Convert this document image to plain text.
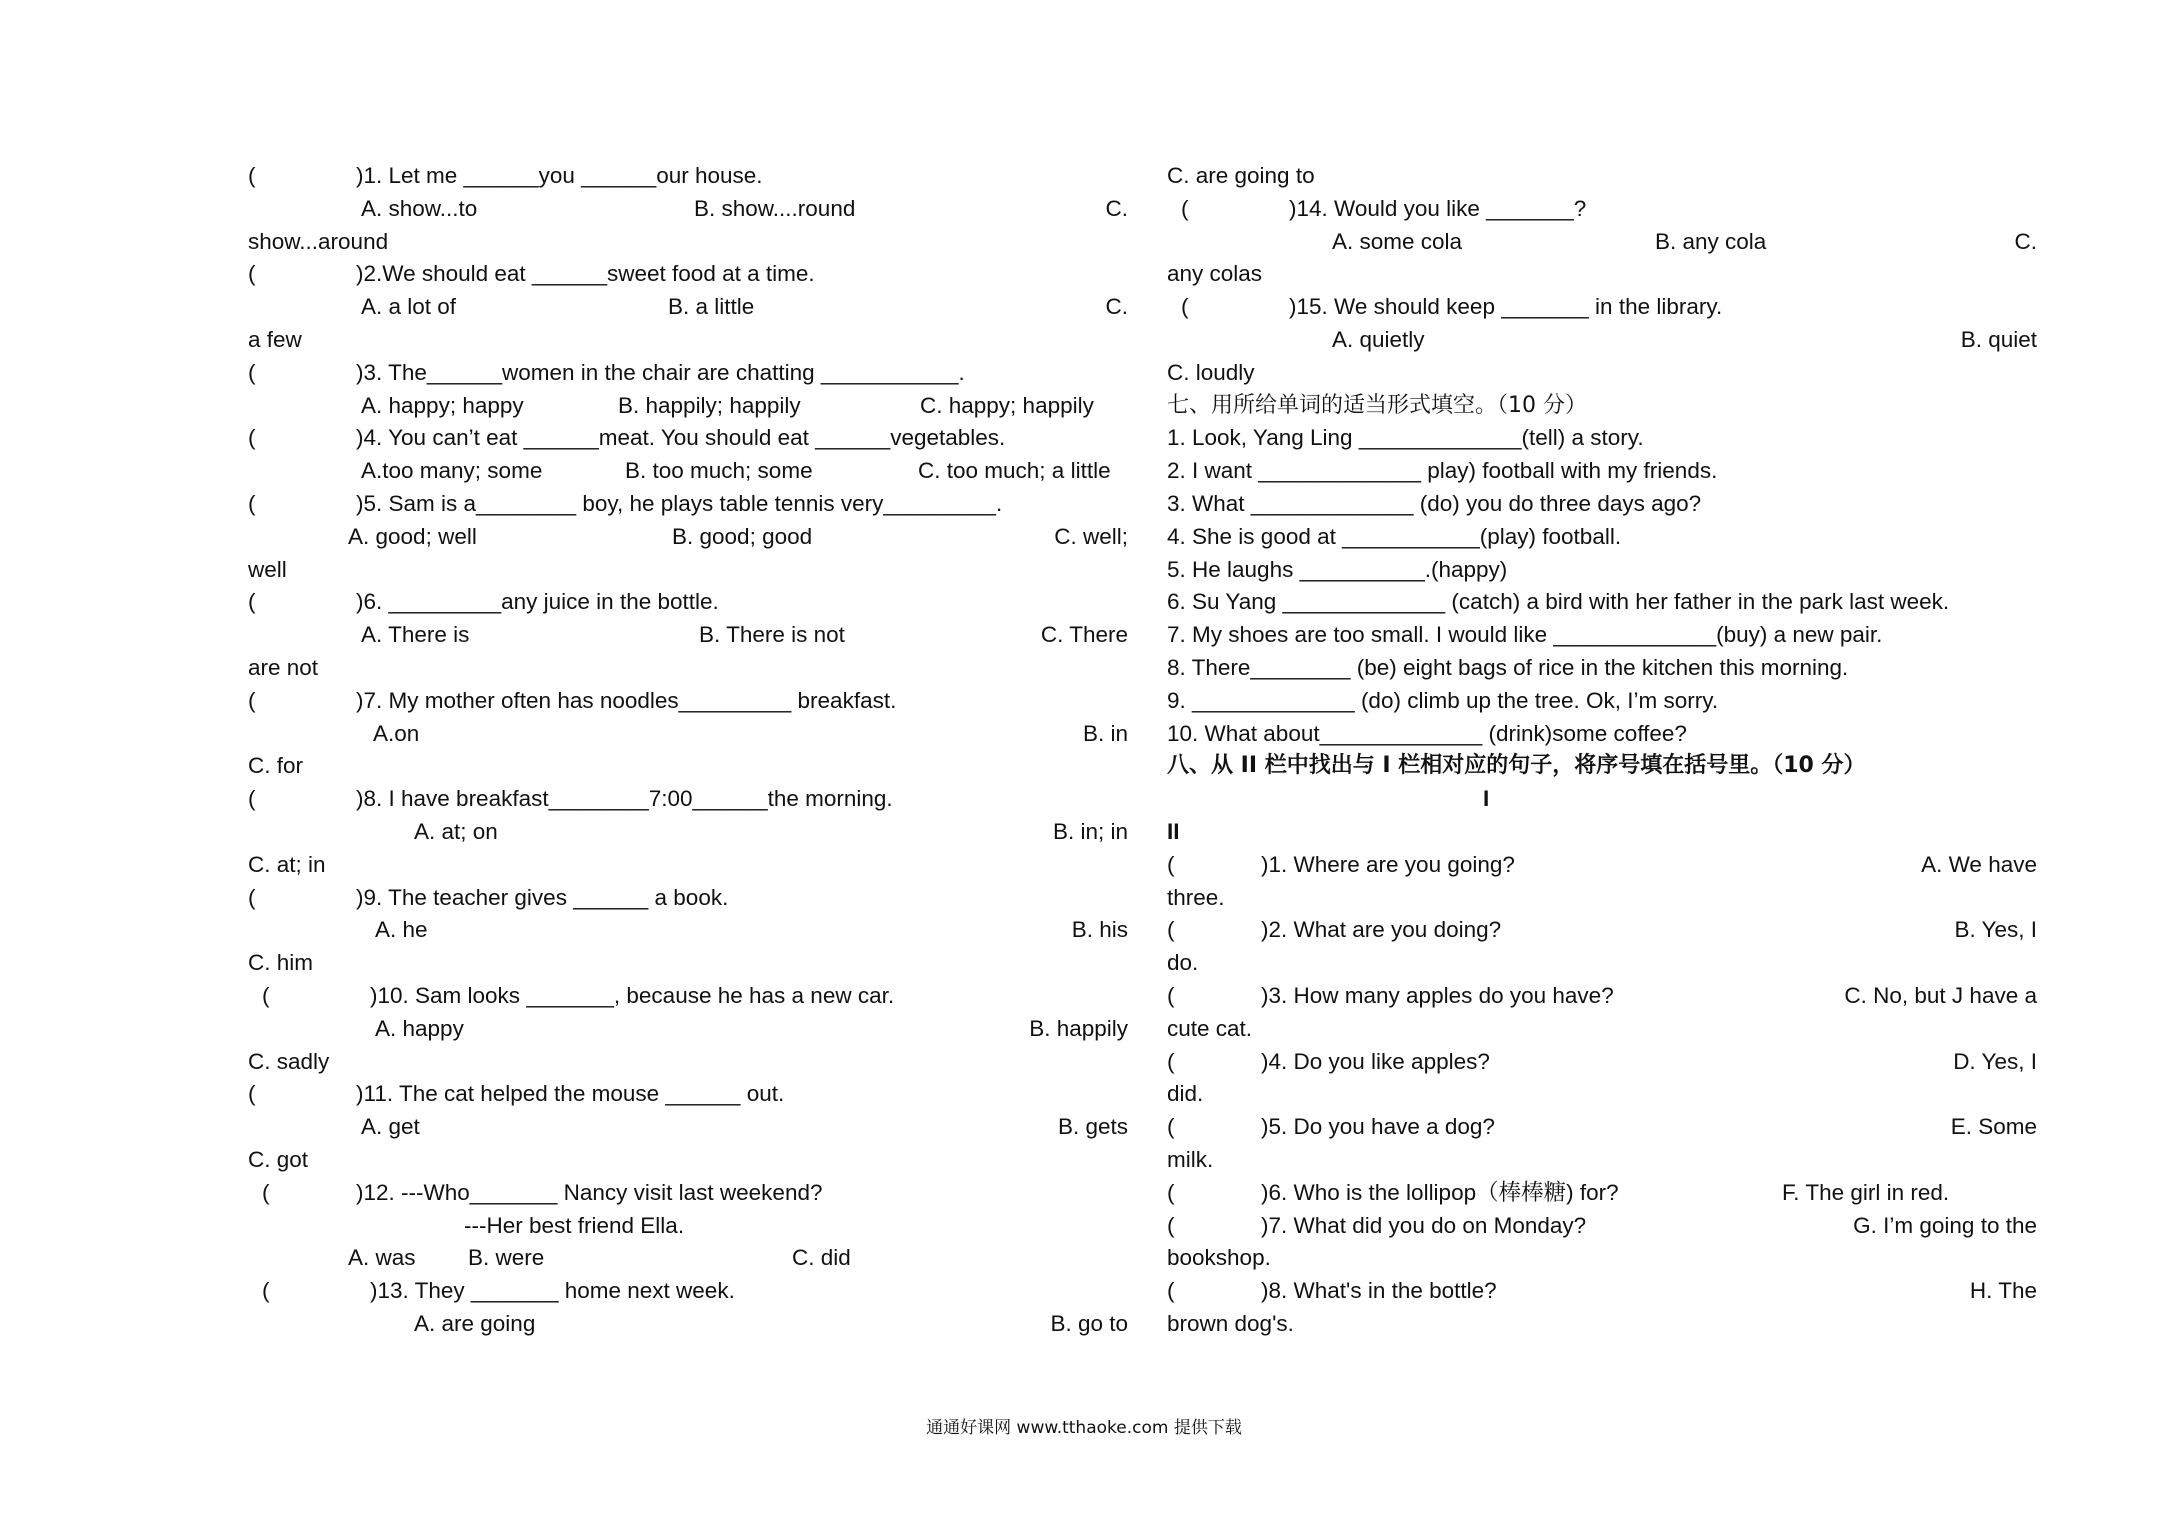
(	)1. Let me ______you ______our house.
A. show...to	B. show....round	C.
show...around
(	)2.We should eat ______sweet food at a time.
A. a lot of	B. a little	C.
a few
(	)3. The______women in the chair are chatting ___________.
A. happy; happy	B. happily; happily	C. happy; happily
(	)4. You can’t eat ______meat. You should eat ______vegetables.
A.too many; some	B. too much; some	C. too much; a little
(	)5. Sam is a________ boy, he plays table tennis very_________.
A. good; well	B. good; good	C. well;
well
(	)6. _________any juice in the bottle.
A. There is	B. There is not	C. There
are not
(	)7. My mother often has noodles_________ breakfast.
A.on	B. in
C. for
(	)8. I have breakfast________7:00______the morning.
A. at; on	B. in; in
C. at; in
(	)9. The teacher gives ______ a book.
A. he	B. his
C. him
(	)10. Sam looks _______, because he has a new car.
A. happy	B. happily
C. sadly
(	)11. The cat helped the mouse ______ out.
A. get	B. gets
C. got
(	)12. ---Who_______ Nancy visit last weekend?
---Her best friend Ella.
A. was B. were	C. did
(	)13. They _______ home next week.
A. are going	B. go to
C. are going to
(	)14. Would you like _______?
A. some cola	B. any cola	C.
any colas
(	)15. We should keep _______ in the library.
A. quietly	B. quiet
C. loudly
七、用所给单词的适当形式填空。（10 分）
1. Look, Yang Ling _____________(tell) a story.
2. I want _____________ play) football with my friends.
3. What _____________ (do) you do three days ago?
4. She is good at ___________(play) football.
5. He laughs __________.(happy)
6. Su Yang _____________ (catch) a bird with her father in the park last week.
7. My shoes are too small. I would like _____________(buy) a new pair.
8. There________ (be) eight bags of rice in the kitchen this morning.
9. _____________ (do) climb up the tree. Ok, I’m sorry.
10. What about_____________ (drink)some coffee?
八、从 II 栏中找出与 I 栏相对应的句子，将序号填在括号里。（10 分）
I
II
(	)1. Where are you going?	A. We have
three.
(	)2. What are you doing?	B. Yes, I
do.
(	)3. How many apples do you have?	C. No, but J have a
cute cat.
(	)4. Do you like apples?	D. Yes, I
did.
(	)5. Do you have a dog?	E. Some
milk.
(	)6. Who is the lollipop（棒棒糖) for?	F. The girl in red.
(	)7. What did you do on Monday?	G. I’m going to the
bookshop.
(	)8. What's in the bottle?	H. The
brown dog's.
通通好课网 www.tthaoke.com 提供下载
